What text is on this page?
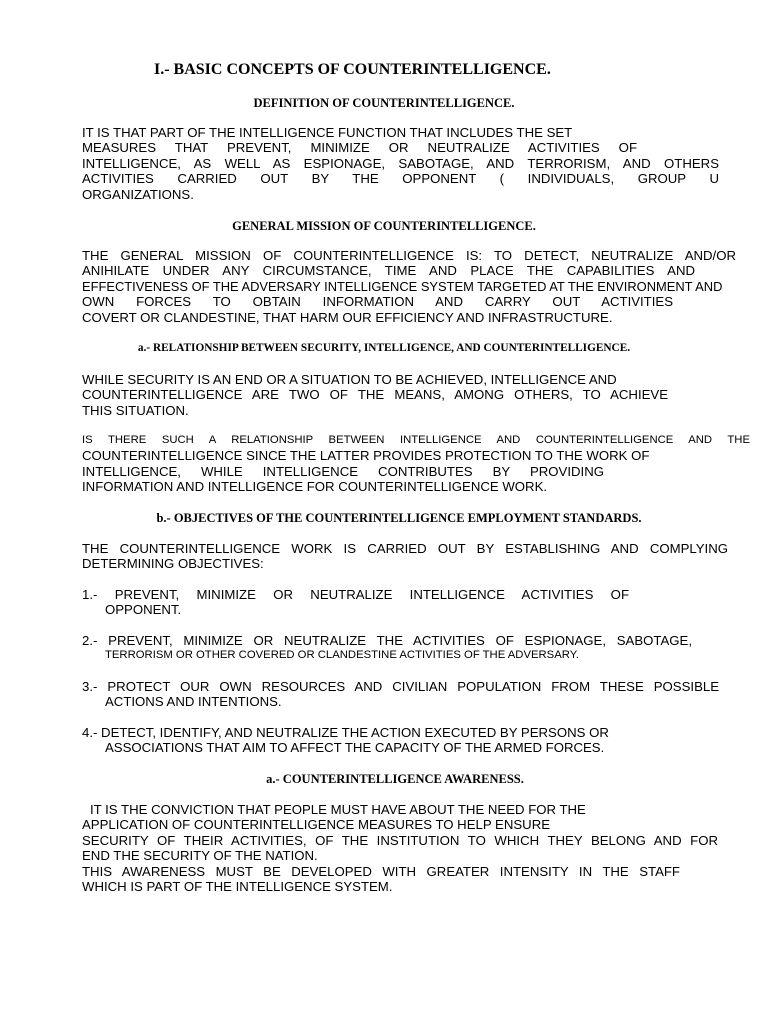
I.- BASIC CONCEPTS OF COUNTERINTELLIGENCE.
DEFINITION OF COUNTERINTELLIGENCE.
IT IS THAT PART OF THE INTELLIGENCE FUNCTION THAT INCLUDES THE SET
MEASURES THAT PREVENT, MINIMIZE OR NEUTRALIZE ACTIVITIES OF
INTELLIGENCE, AS WELL AS ESPIONAGE, SABOTAGE, AND TERRORISM, AND OTHERS
ACTIVITIES CARRIED OUT BY THE OPPONENT ( INDIVIDUALS, GROUP U
ORGANIZATIONS.
GENERAL MISSION OF COUNTERINTELLIGENCE.
THE GENERAL MISSION OF COUNTERINTELLIGENCE IS: TO DETECT, NEUTRALIZE AND/OR
ANIHILATE UNDER ANY CIRCUMSTANCE, TIME AND PLACE THE CAPABILITIES AND
EFFECTIVENESS OF THE ADVERSARY INTELLIGENCE SYSTEM TARGETED AT THE ENVIRONMENT AND
OWN FORCES TO OBTAIN INFORMATION AND CARRY OUT ACTIVITIES
COVERT OR CLANDESTINE, THAT HARM OUR EFFICIENCY AND INFRASTRUCTURE.
a.- RELATIONSHIP BETWEEN SECURITY, INTELLIGENCE, AND COUNTERINTELLIGENCE.
WHILE SECURITY IS AN END OR A SITUATION TO BE ACHIEVED, INTELLIGENCE AND
COUNTERINTELLIGENCE ARE TWO OF THE MEANS, AMONG OTHERS, TO ACHIEVE
THIS SITUATION.
IS THERE SUCH A RELATIONSHIP BETWEEN INTELLIGENCE AND COUNTERINTELLIGENCE AND THE
COUNTERINTELLIGENCE SINCE THE LATTER PROVIDES PROTECTION TO THE WORK OF
INTELLIGENCE, WHILE INTELLIGENCE CONTRIBUTES BY PROVIDING
INFORMATION AND INTELLIGENCE FOR COUNTERINTELLIGENCE WORK.
b.- OBJECTIVES OF THE COUNTERINTELLIGENCE EMPLOYMENT STANDARDS.
THE COUNTERINTELLIGENCE WORK IS CARRIED OUT BY ESTABLISHING AND COMPLYING
DETERMINING OBJECTIVES:
1.- PREVENT, MINIMIZE OR NEUTRALIZE INTELLIGENCE ACTIVITIES OF
OPPONENT.
2.- PREVENT, MINIMIZE OR NEUTRALIZE THE ACTIVITIES OF ESPIONAGE, SABOTAGE,
TERRORISM OR OTHER COVERED OR CLANDESTINE ACTIVITIES OF THE ADVERSARY.
3.- PROTECT OUR OWN RESOURCES AND CIVILIAN POPULATION FROM THESE POSSIBLE
ACTIONS AND INTENTIONS.
4.- DETECT, IDENTIFY, AND NEUTRALIZE THE ACTION EXECUTED BY PERSONS OR
ASSOCIATIONS THAT AIM TO AFFECT THE CAPACITY OF THE ARMED FORCES.
a.- COUNTERINTELLIGENCE AWARENESS.
IT IS THE CONVICTION THAT PEOPLE MUST HAVE ABOUT THE NEED FOR THE
APPLICATION OF COUNTERINTELLIGENCE MEASURES TO HELP ENSURE
SECURITY OF THEIR ACTIVITIES, OF THE INSTITUTION TO WHICH THEY BELONG AND FOR
END THE SECURITY OF THE NATION.
THIS AWARENESS MUST BE DEVELOPED WITH GREATER INTENSITY IN THE STAFF
WHICH IS PART OF THE INTELLIGENCE SYSTEM.
